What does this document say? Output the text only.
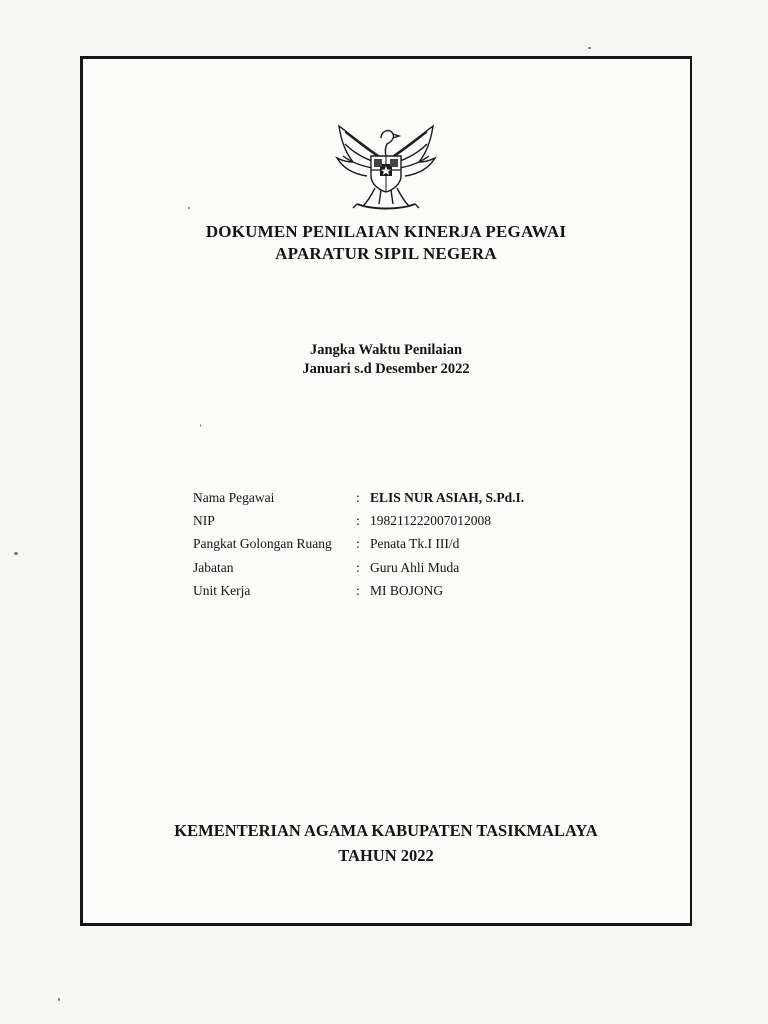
DOKUMEN PENILAIAN KINERJA PEGAWAI
APARATUR SIPIL NEGERA
Jangka Waktu Penilaian
Januari s.d Desember 2022
Nama Pegawai	: ELIS NUR ASIAH, S.Pd.I.
NIP	: 198211222007012008
Pangkat Golongan Ruang	: Penata Tk.I III/d
Jabatan	: Guru Ahli Muda
Unit Kerja	: MI BOJONG
KEMENTERIAN AGAMA KABUPATEN TASIKMALAYA
TAHUN 2022
